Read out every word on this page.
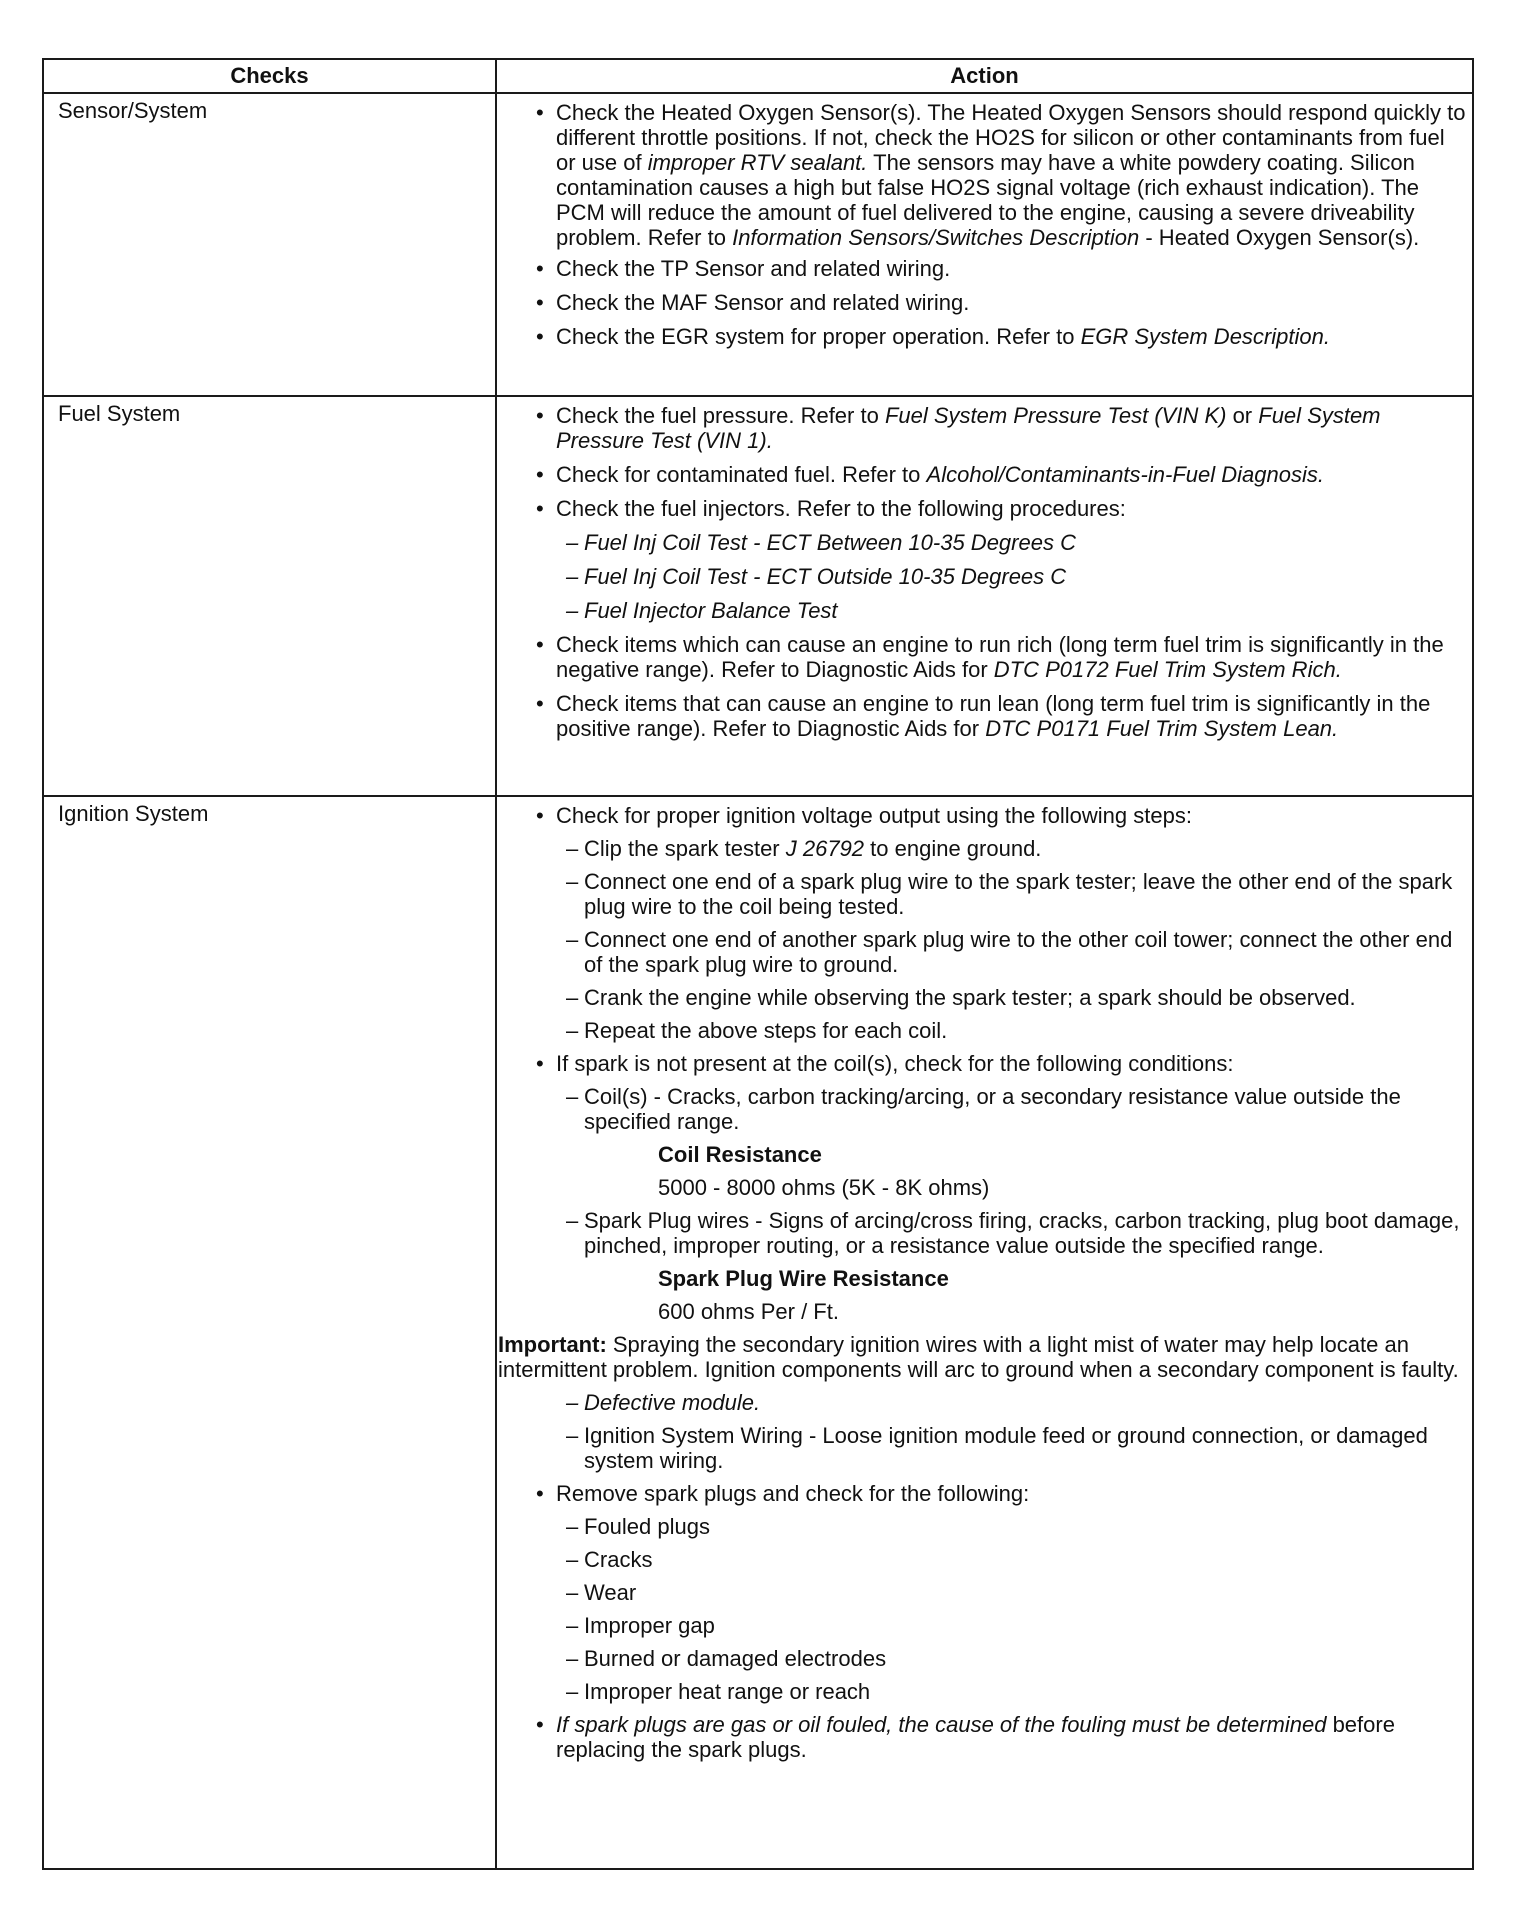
Checks	Action
Sensor/System	• Check the Heated Oxygen Sensor(s). The Heated Oxygen Sensors should respond quickly to different throttle positions. If not, check the HO2S for silicon or other contaminants from fuel or use of improper RTV sealant. The sensors may have a white powdery coating. Silicon contamination causes a high but false HO2S signal voltage (rich exhaust indication). The PCM will reduce the amount of fuel delivered to the engine, causing a severe driveability problem. Refer to Information Sensors/Switches Description - Heated Oxygen Sensor(s).
• Check the TP Sensor and related wiring.
• Check the MAF Sensor and related wiring.
• Check the EGR system for proper operation. Refer to EGR System Description.
Fuel System	• Check the fuel pressure. Refer to Fuel System Pressure Test (VIN K) or Fuel System Pressure Test (VIN 1).
• Check for contaminated fuel. Refer to Alcohol/Contaminants-in-Fuel Diagnosis.
• Check the fuel injectors. Refer to the following procedures:
– Fuel Inj Coil Test - ECT Between 10-35 Degrees C
– Fuel Inj Coil Test - ECT Outside 10-35 Degrees C
– Fuel Injector Balance Test
• Check items which can cause an engine to run rich (long term fuel trim is significantly in the negative range). Refer to Diagnostic Aids for DTC P0172 Fuel Trim System Rich.
• Check items that can cause an engine to run lean (long term fuel trim is significantly in the positive range). Refer to Diagnostic Aids for DTC P0171 Fuel Trim System Lean.
Ignition System	• Check for proper ignition voltage output using the following steps:
– Clip the spark tester J 26792 to engine ground.
– Connect one end of a spark plug wire to the spark tester; leave the other end of the spark plug wire to the coil being tested.
– Connect one end of another spark plug wire to the other coil tower; connect the other end of the spark plug wire to ground.
– Crank the engine while observing the spark tester; a spark should be observed.
– Repeat the above steps for each coil.
• If spark is not present at the coil(s), check for the following conditions:
– Coil(s) - Cracks, carbon tracking/arcing, or a secondary resistance value outside the specified range.
Coil Resistance
5000 - 8000 ohms (5K - 8K ohms)
– Spark Plug wires - Signs of arcing/cross firing, cracks, carbon tracking, plug boot damage, pinched, improper routing, or a resistance value outside the specified range.
Spark Plug Wire Resistance
600 ohms Per / Ft.
Important: Spraying the secondary ignition wires with a light mist of water may help locate an intermittent problem. Ignition components will arc to ground when a secondary component is faulty.
– Defective module.
– Ignition System Wiring - Loose ignition module feed or ground connection, or damaged system wiring.
• Remove spark plugs and check for the following:
– Fouled plugs
– Cracks
– Wear
– Improper gap
– Burned or damaged electrodes
– Improper heat range or reach
• If spark plugs are gas or oil fouled, the cause of the fouling must be determined before replacing the spark plugs.
